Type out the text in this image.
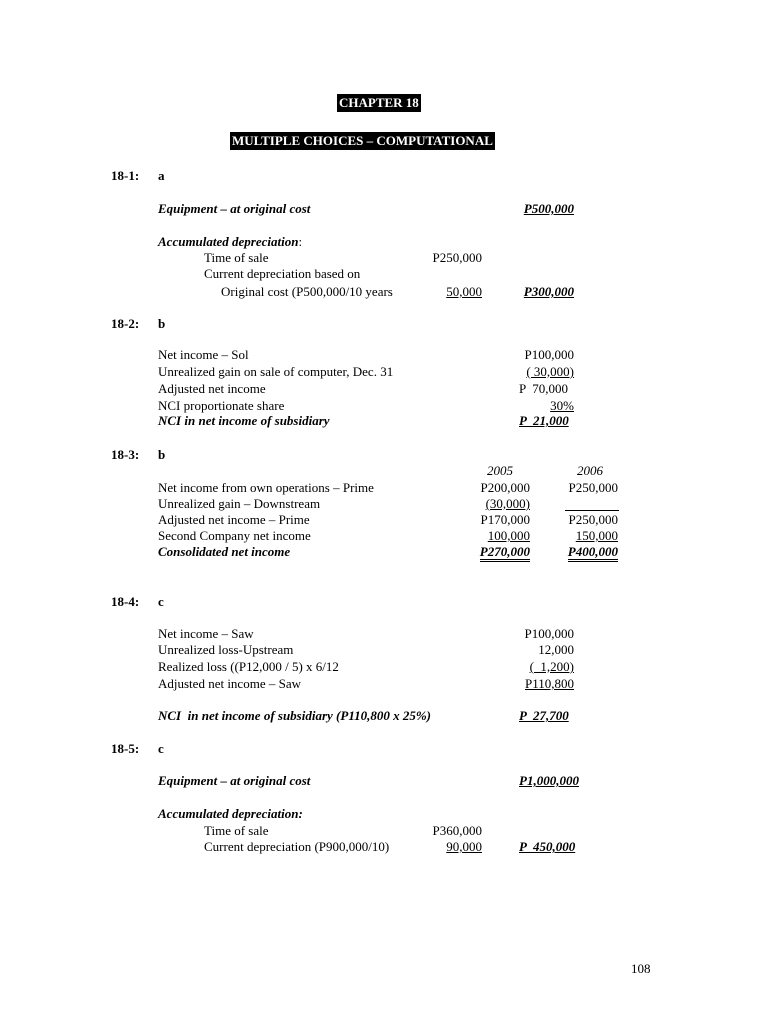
CHAPTER 18
MULTIPLE CHOICES – COMPUTATIONAL
18-1: a
Equipment – at original cost	P500,000
Accumulated depreciation:
Time of sale	P250,000
Current depreciation based on
Original cost (P500,000/10 years	50,000	P300,000
18-2: b
Net income – Sol	P100,000
Unrealized gain on sale of computer, Dec. 31	( 30,000)
Adjusted net income	P  70,000
NCI proportionate share	30%
NCI in net income of subsidiary	P  21,000
18-3: b
2005	2006
Net income from own operations – Prime	P200,000	P250,000
Unrealized gain – Downstream	(30,000)
Adjusted net income – Prime	P170,000	P250,000
Second Company net income	100,000	150,000
Consolidated net income	P270,000	P400,000
18-4: c
Net income – Saw	P100,000
Unrealized loss-Upstream	12,000
Realized loss ((P12,000 / 5) x 6/12	(  1,200)
Adjusted net income – Saw	P110,800
NCI  in net income of subsidiary (P110,800 x 25%)	P  27,700
18-5: c
Equipment – at original cost	P1,000,000
Accumulated depreciation:
Time of sale	P360,000
Current depreciation (P900,000/10)	90,000	P  450,000
108
